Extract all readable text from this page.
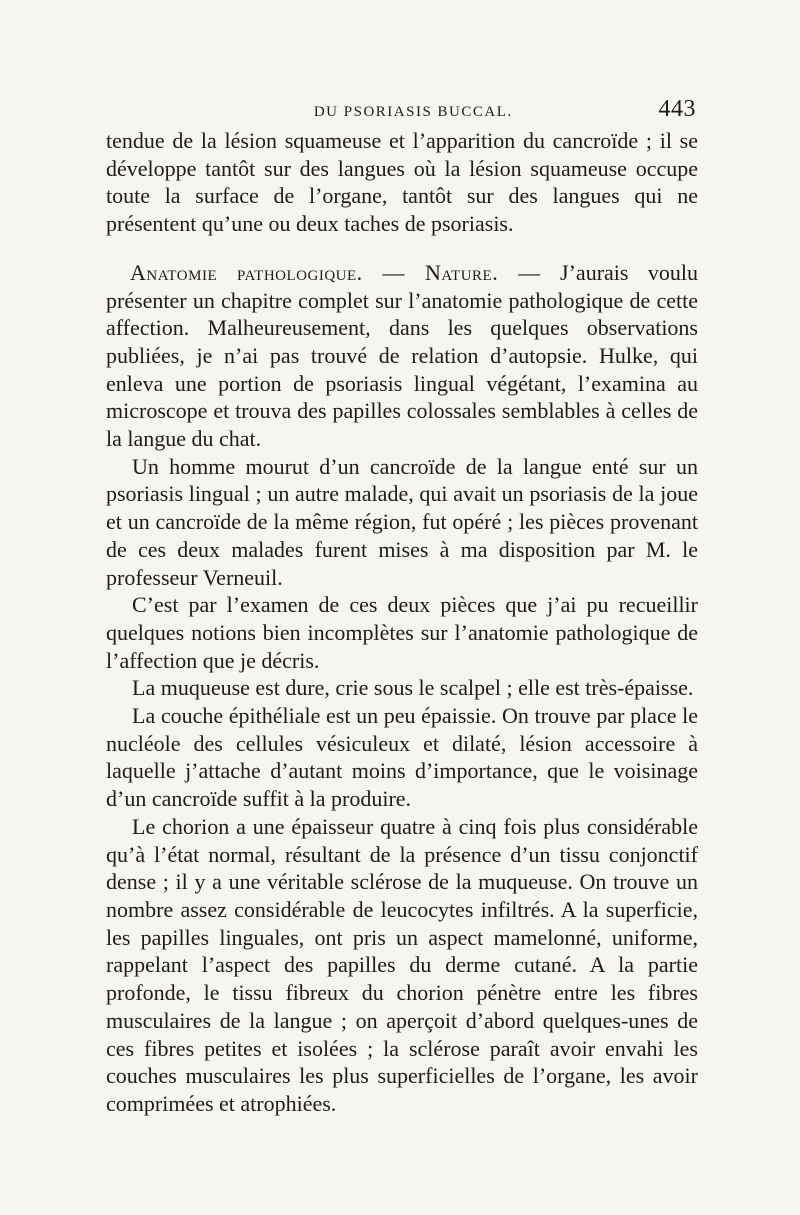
DU PSORIASIS BUCCAL.	443

tendue de la lésion squameuse et l’apparition du cancroïde ; il se développe tantôt sur des langues où la lésion squameuse occupe toute la surface de l’organe, tantôt sur des langues qui ne présentent qu’une ou deux taches de psoriasis.

Anatomie pathologique. — Nature. — J’aurais voulu présenter un chapitre complet sur l’anatomie pathologique de cette affection. Malheureusement, dans les quelques observations publiées, je n’ai pas trouvé de relation d’autopsie. Hulke, qui enleva une portion de psoriasis lingual végétant, l’examina au microscope et trouva des papilles colossales semblables à celles de la langue du chat.

Un homme mourut d’un cancroïde de la langue enté sur un psoriasis lingual ; un autre malade, qui avait un psoriasis de la joue et un cancroïde de la même région, fut opéré ; les pièces provenant de ces deux malades furent mises à ma disposition par M. le professeur Verneuil.

C’est par l’examen de ces deux pièces que j’ai pu recueillir quelques notions bien incomplètes sur l’anatomie pathologique de l’affection que je décris.

La muqueuse est dure, crie sous le scalpel ; elle est très-épaisse.

La couche épithéliale est un peu épaissie. On trouve par place le nucléole des cellules vésiculeux et dilaté, lésion accessoire à laquelle j’attache d’autant moins d’importance, que le voisinage d’un cancroïde suffit à la produire.

Le chorion a une épaisseur quatre à cinq fois plus considérable qu’à l’état normal, résultant de la présence d’un tissu conjonctif dense ; il y a une véritable sclérose de la muqueuse. On trouve un nombre assez considérable de leucocytes infiltrés. A la superficie, les papilles linguales, ont pris un aspect mamelonné, uniforme, rappelant l’aspect des papilles du derme cutané. A la partie profonde, le tissu fibreux du chorion pénètre entre les fibres musculaires de la langue ; on aperçoit d’abord quelques-unes de ces fibres petites et isolées ; la sclérose paraît avoir envahi les couches musculaires les plus superficielles de l’organe, les avoir comprimées et atrophiées.
